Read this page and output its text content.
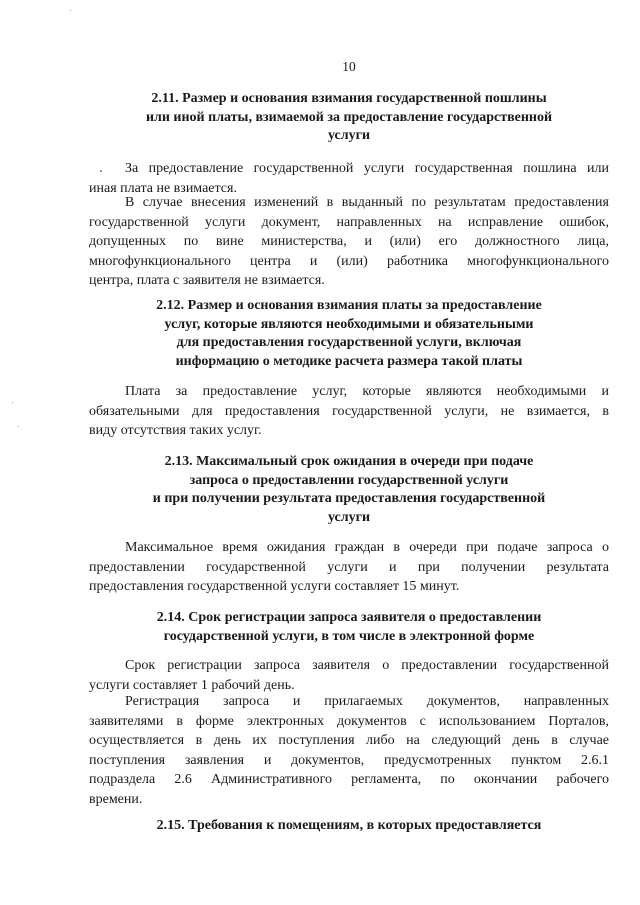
10
2.11. Размер и основания взимания государственной пошлины
или иной платы, взимаемой за предоставление государственной
услуги
За предоставление государственной услуги государственная пошлина или
иная плата не взимается.
В случае внесения изменений в выданный по результатам предоставления
государственной услуги документ, направленных на исправление ошибок,
допущенных по вине министерства, и (или) его должностного лица,
многофункционального центра и (или) работника многофункционального
центра, плата с заявителя не взимается.
2.12. Размер и основания взимания платы за предоставление
услуг, которые являются необходимыми и обязательными
для предоставления государственной услуги, включая
информацию о методике расчета размера такой платы
Плата за предоставление услуг, которые являются необходимыми и
обязательными для предоставления государственной услуги, не взимается, в
виду отсутствия таких услуг.
2.13. Максимальный срок ожидания в очереди при подаче
запроса о предоставлении государственной услуги
и при получении результата предоставления государственной
услуги
Максимальное время ожидания граждан в очереди при подаче запроса о
предоставлении государственной услуги и при получении результата
предоставления государственной услуги составляет 15 минут.
2.14. Срок регистрации запроса заявителя о предоставлении
государственной услуги, в том числе в электронной форме
Срок регистрации запроса заявителя о предоставлении государственной
услуги составляет 1 рабочий день.
Регистрация запроса и прилагаемых документов, направленных
заявителями в форме электронных документов с использованием Порталов,
осуществляется в день их поступления либо на следующий день в случае
поступления заявления и документов, предусмотренных пунктом 2.6.1
подраздела 2.6 Административного регламента, по окончании рабочего
времени.
2.15. Требования к помещениям, в которых предоставляется
